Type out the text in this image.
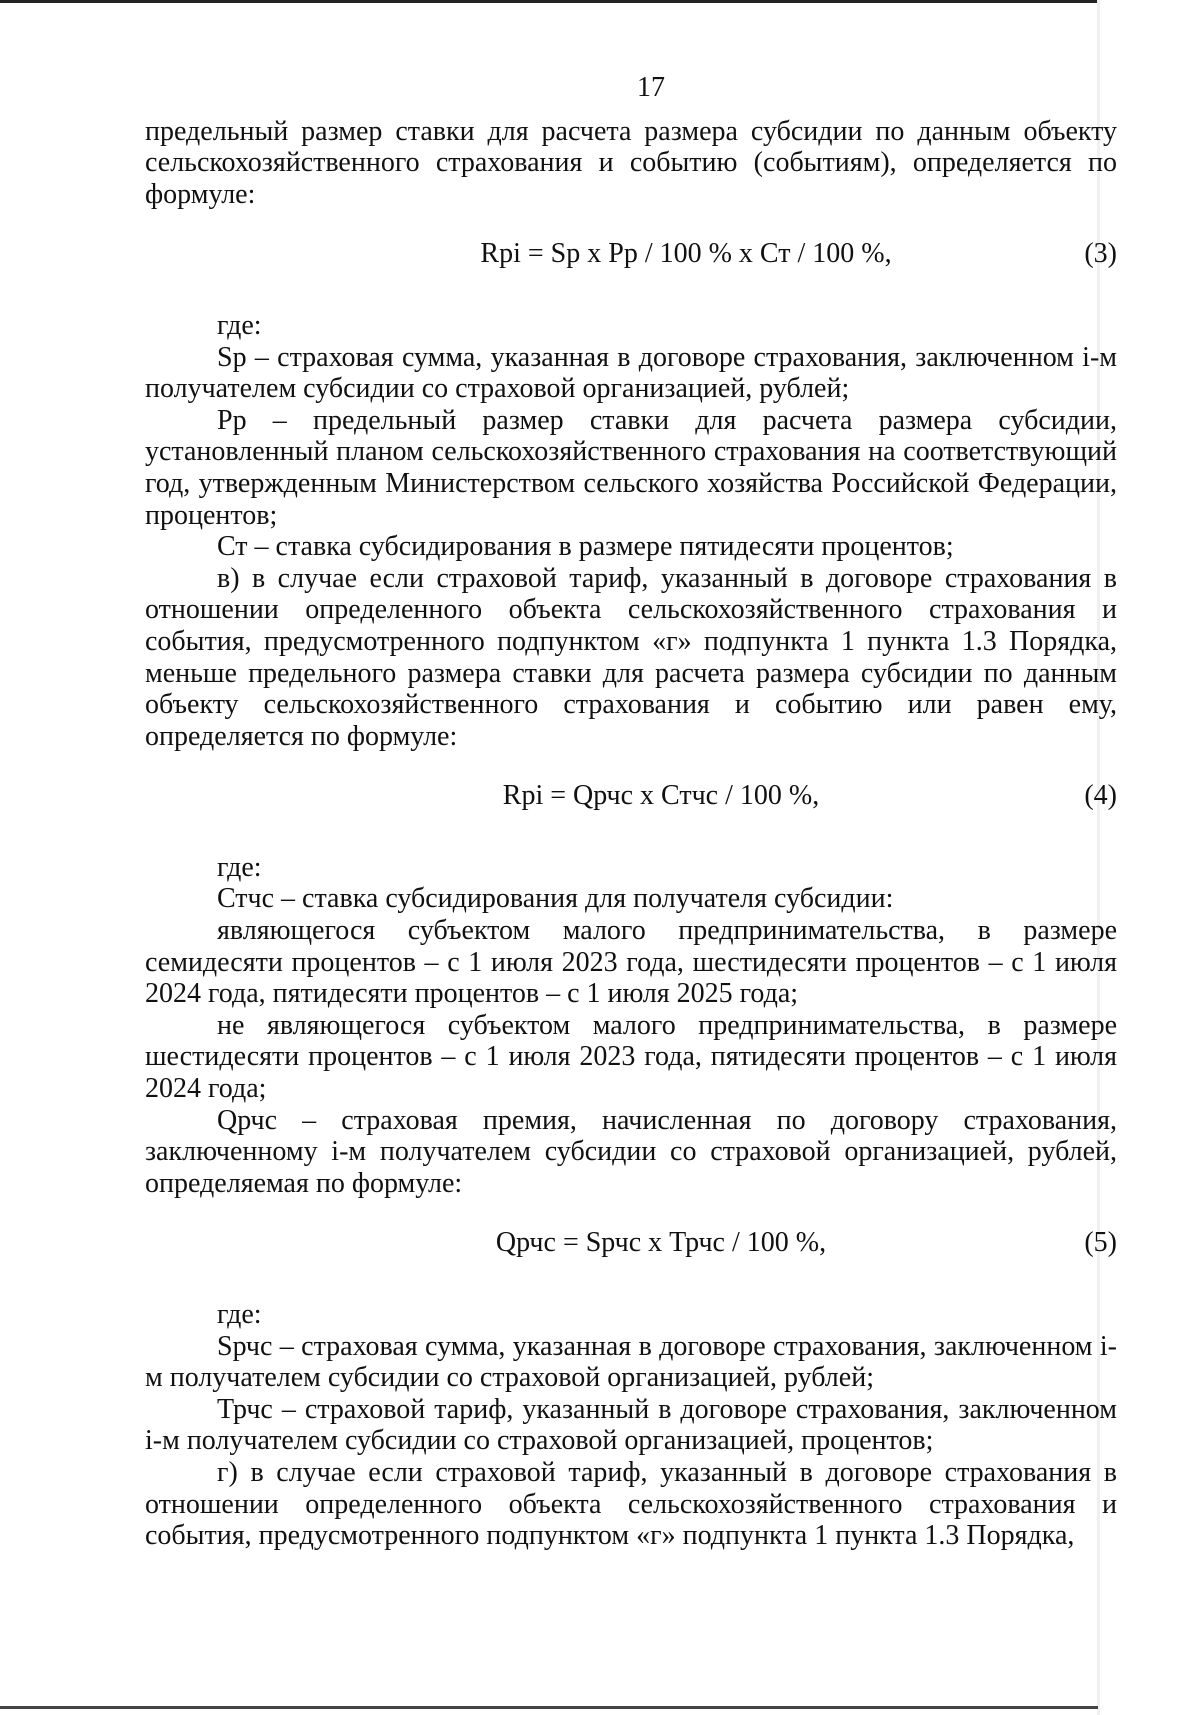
17

предельный размер ставки для расчета размера субсидии по данным объекту сельскохозяйственного страхования и событию (событиям), определяется по формуле:

Rpi = Sp x Pp / 100 % x Ст / 100 %,	(3)

где:

Sp – страховая сумма, указанная в договоре страхования, заключенном i-м получателем субсидии со страховой организацией, рублей;

Pp – предельный размер ставки для расчета размера субсидии, установленный планом сельскохозяйственного страхования на соответствующий год, утвержденным Министерством сельского хозяйства Российской Федерации, процентов;

Ст – ставка субсидирования в размере пятидесяти процентов;

в) в случае если страховой тариф, указанный в договоре страхования в отношении определенного объекта сельскохозяйственного страхования и события, предусмотренного подпунктом «г» подпункта 1 пункта 1.3 Порядка, меньше предельного размера ставки для расчета размера субсидии по данным объекту сельскохозяйственного страхования и событию или равен ему, определяется по формуле:

Rpi = Qрчс х Стчс / 100 %,	(4)

где:

Стчс – ставка субсидирования для получателя субсидии:

являющегося субъектом малого предпринимательства, в размере семидесяти процентов – с 1 июля 2023 года, шестидесяти процентов – с 1 июля 2024 года, пятидесяти процентов – с 1 июля 2025 года;

не являющегося субъектом малого предпринимательства, в размере шестидесяти процентов – с 1 июля 2023 года, пятидесяти процентов – с 1 июля 2024 года;

Qрчс – страховая премия, начисленная по договору страхования, заключенному i-м получателем субсидии со страховой организацией, рублей, определяемая по формуле:

Qрчс = Sрчс х Трчс / 100 %,	(5)

где:

Sрчс – страховая сумма, указанная в договоре страхования, заключенном i-м получателем субсидии со страховой организацией, рублей;

Трчс – страховой тариф, указанный в договоре страхования, заключенном i-м получателем субсидии со страховой организацией, процентов;

г) в случае если страховой тариф, указанный в договоре страхования в отношении определенного объекта сельскохозяйственного страхования и события, предусмотренного подпунктом «г» подпункта 1 пункта 1.3 Порядка,
